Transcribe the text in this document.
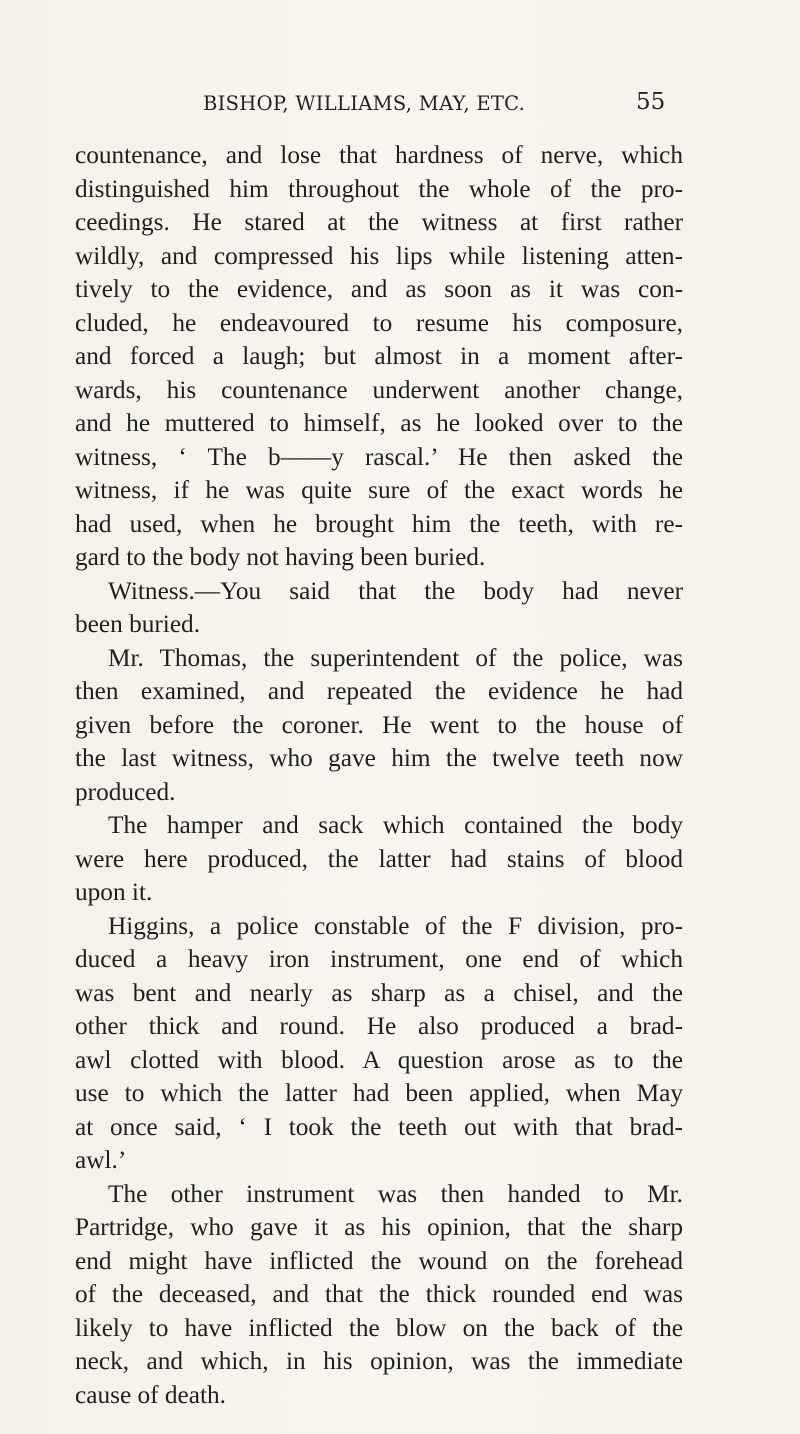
BISHOP, WILLIAMS, MAY, ETC.	55
countenance, and lose that hardness of nerve, which
distinguished him throughout the whole of the pro-
ceedings. He stared at the witness at first rather
wildly, and compressed his lips while listening atten-
tively to the evidence, and as soon as it was con-
cluded, he endeavoured to resume his composure,
and forced a laugh; but almost in a moment after-
wards, his countenance underwent another change,
and he muttered to himself, as he looked over to the
witness, ‘ The b——y rascal.’ He then asked the
witness, if he was quite sure of the exact words he
had used, when he brought him the teeth, with re-
gard to the body not having been buried.
Witness.—You said that the body had never
been buried.
Mr. Thomas, the superintendent of the police, was
then examined, and repeated the evidence he had
given before the coroner. He went to the house of
the last witness, who gave him the twelve teeth now
produced.
The hamper and sack which contained the body
were here produced, the latter had stains of blood
upon it.
Higgins, a police constable of the F division, pro-
duced a heavy iron instrument, one end of which
was bent and nearly as sharp as a chisel, and the
other thick and round. He also produced a brad-
awl clotted with blood. A question arose as to the
use to which the latter had been applied, when May
at once said, ‘ I took the teeth out with that brad-
awl.’
The other instrument was then handed to Mr.
Partridge, who gave it as his opinion, that the sharp
end might have inflicted the wound on the forehead
of the deceased, and that the thick rounded end was
likely to have inflicted the blow on the back of the
neck, and which, in his opinion, was the immediate
cause of death.
